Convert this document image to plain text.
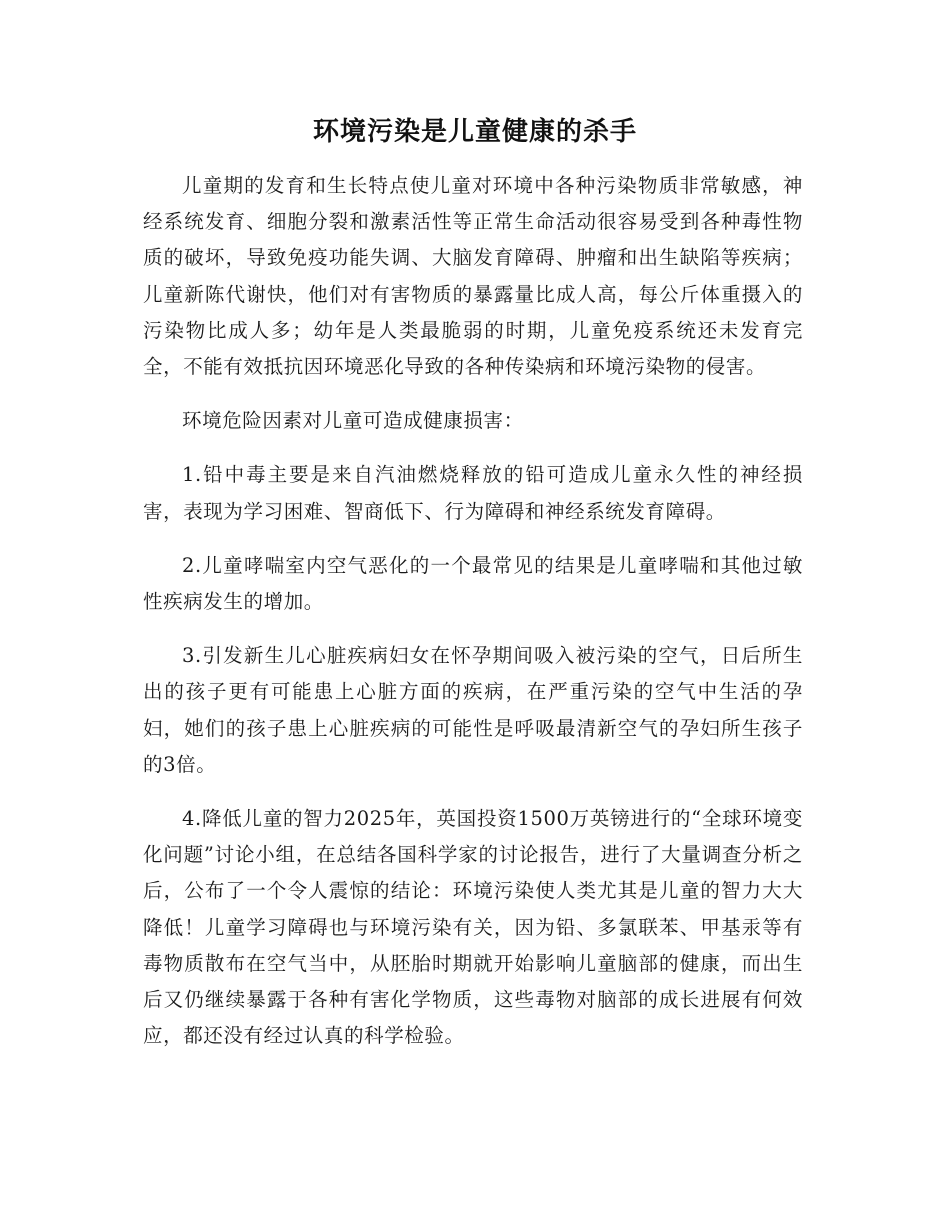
环境污染是儿童健康的杀手

儿童期的发育和生长特点使儿童对环境中各种污染物质非常敏感，神经系统发育、细胞分裂和激素活性等正常生命活动很容易受到各种毒性物质的破坏，导致免疫功能失调、大脑发育障碍、肿瘤和出生缺陷等疾病；儿童新陈代谢快，他们对有害物质的暴露量比成人高，每公斤体重摄入的污染物比成人多；幼年是人类最脆弱的时期，儿童免疫系统还未发育完全，不能有效抵抗因环境恶化导致的各种传染病和环境污染物的侵害。

环境危险因素对儿童可造成健康损害：

1.铅中毒主要是来自汽油燃烧释放的铅可造成儿童永久性的神经损害，表现为学习困难、智商低下、行为障碍和神经系统发育障碍。

2.儿童哮喘室内空气恶化的一个最常见的结果是儿童哮喘和其他过敏性疾病发生的增加。

3.引发新生儿心脏疾病妇女在怀孕期间吸入被污染的空气，日后所生出的孩子更有可能患上心脏方面的疾病，在严重污染的空气中生活的孕妇，她们的孩子患上心脏疾病的可能性是呼吸最清新空气的孕妇所生孩子的3倍。

4.降低儿童的智力2025年，英国投资1500万英镑进行的“全球环境变化问题”讨论小组，在总结各国科学家的讨论报告，进行了大量调查分析之后，公布了一个令人震惊的结论：环境污染使人类尤其是儿童的智力大大降低！儿童学习障碍也与环境污染有关，因为铅、多氯联苯、甲基汞等有毒物质散布在空气当中，从胚胎时期就开始影响儿童脑部的健康，而出生后又仍继续暴露于各种有害化学物质，这些毒物对脑部的成长进展有何效应，都还没有经过认真的科学检验。
